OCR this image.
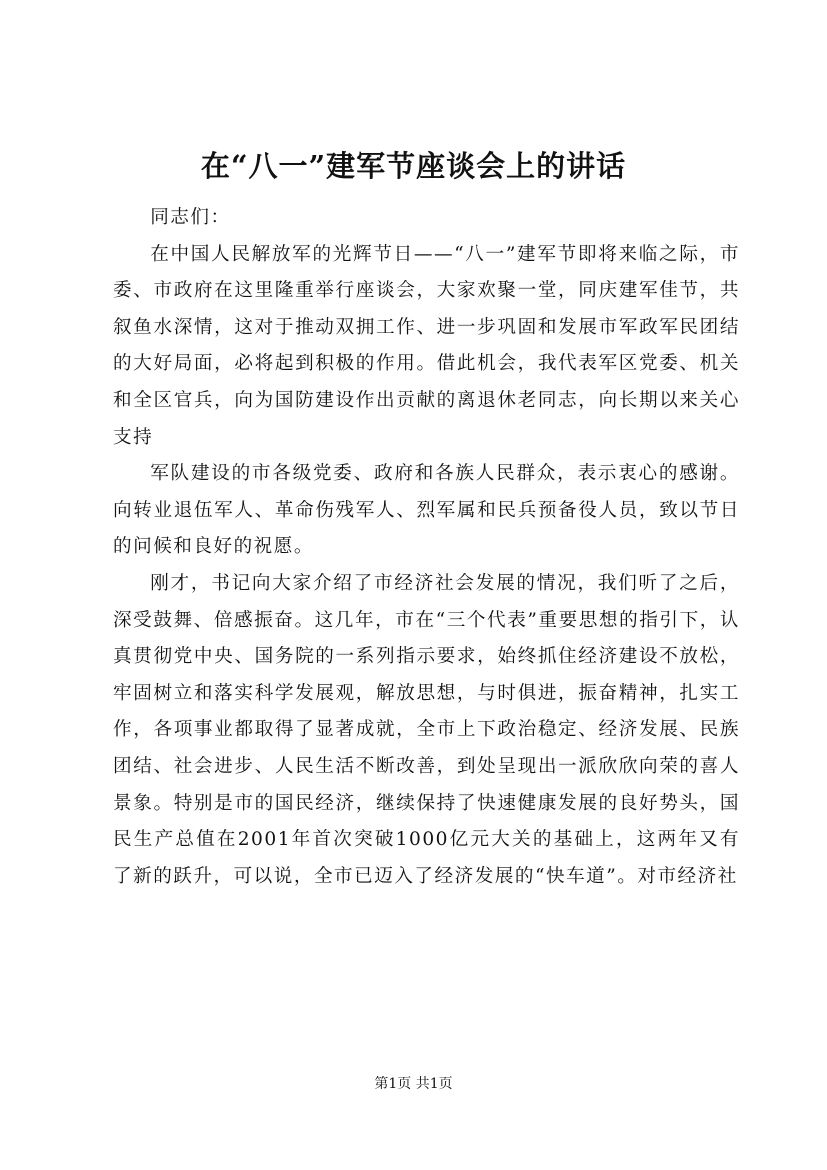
在“八一”建军节座谈会上的讲话

同志们：

在中国人民解放军的光辉节日——“八一”建军节即将来临之际，市委、市政府在这里隆重举行座谈会，大家欢聚一堂，同庆建军佳节，共叙鱼水深情，这对于推动双拥工作、进一步巩固和发展市军政军民团结的大好局面，必将起到积极的作用。借此机会，我代表军区党委、机关和全区官兵，向为国防建设作出贡献的离退休老同志，向长期以来关心支持

军队建设的市各级党委、政府和各族人民群众，表示衷心的感谢。向转业退伍军人、革命伤残军人、烈军属和民兵预备役人员，致以节日的问候和良好的祝愿。

刚才，书记向大家介绍了市经济社会发展的情况，我们听了之后，深受鼓舞、倍感振奋。这几年，市在“三个代表”重要思想的指引下，认真贯彻党中央、国务院的一系列指示要求，始终抓住经济建设不放松，牢固树立和落实科学发展观，解放思想，与时俱进，振奋精神，扎实工作，各项事业都取得了显著成就，全市上下政治稳定、经济发展、民族团结、社会进步、人民生活不断改善，到处呈现出一派欣欣向荣的喜人景象。特别是市的国民经济，继续保持了快速健康发展的良好势头，国民生产总值在2001年首次突破1000亿元大关的基础上，这两年又有了新的跃升，可以说，全市已迈入了经济发展的“快车道”。对市经济社

第1页 共1页
